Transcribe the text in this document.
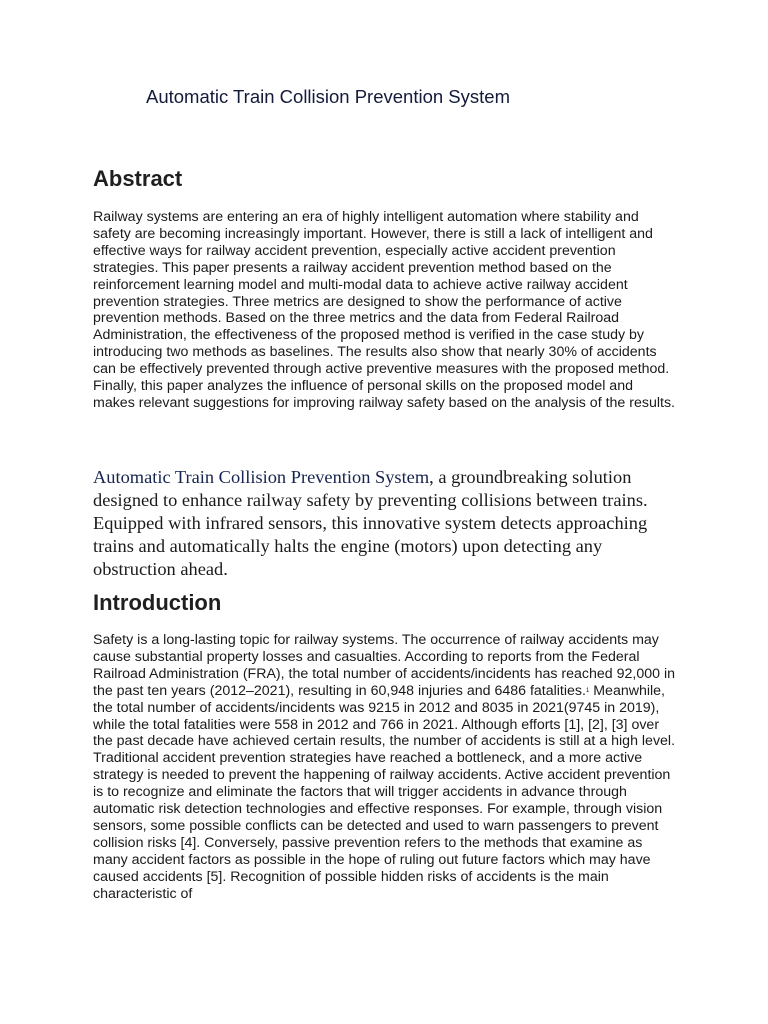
Automatic Train Collision Prevention System
Abstract

Railway systems are entering an era of highly intelligent automation where stability and safety are becoming increasingly important. However, there is still a lack of intelligent and effective ways for railway accident prevention, especially active accident prevention strategies. This paper presents a railway accident prevention method based on the reinforcement learning model and multi-modal data to achieve active railway accident prevention strategies. Three metrics are designed to show the performance of active prevention methods. Based on the three metrics and the data from Federal Railroad Administration, the effectiveness of the proposed method is verified in the case study by introducing two methods as baselines. The results also show that nearly 30% of accidents can be effectively prevented through active preventive measures with the proposed method. Finally, this paper analyzes the influence of personal skills on the proposed model and makes relevant suggestions for improving railway safety based on the analysis of the results.

Automatic Train Collision Prevention System, a groundbreaking solution designed to enhance railway safety by preventing collisions between trains. Equipped with infrared sensors, this innovative system detects approaching trains and automatically halts the engine (motors) upon detecting any obstruction ahead.

Introduction

Safety is a long-lasting topic for railway systems. The occurrence of railway accidents may cause substantial property losses and casualties. According to reports from the Federal Railroad Administration (FRA), the total number of accidents/incidents has reached 92,000 in the past ten years (2012–2021), resulting in 60,948 injuries and 6486 fatalities.$^1$ Meanwhile, the total number of accidents/incidents was 9215 in 2012 and 8035 in 2021(9745 in 2019), while the total fatalities were 558 in 2012 and 766 in 2021. Although efforts [1], [2], [3] over the past decade have achieved certain results, the number of accidents is still at a high level. Traditional accident prevention strategies have reached a bottleneck, and a more active strategy is needed to prevent the happening of railway accidents. Active accident prevention is to recognize and eliminate the factors that will trigger accidents in advance through automatic risk detection technologies and effective responses. For example, through vision sensors, some possible conflicts can be detected and used to warn passengers to prevent collision risks [4]. Conversely, passive prevention refers to the methods that examine as many accident factors as possible in the hope of ruling out future factors which may have caused accidents [5]. Recognition of possible hidden risks of accidents is the main characteristic of
